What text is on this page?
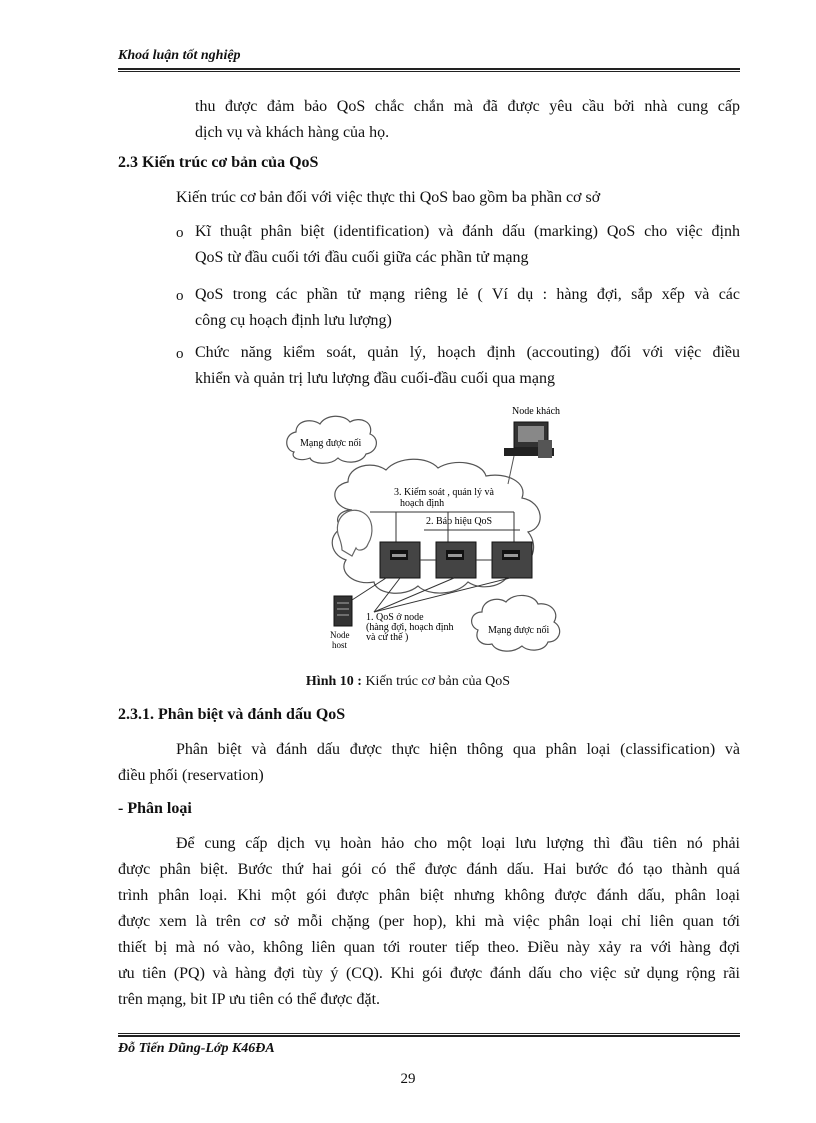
Khoá luận tốt nghiệp
thu được đảm bảo QoS chắc chắn mà đã được yêu cầu bởi nhà cung cấp
dịch vụ và khách hàng của họ.
2.3 Kiến trúc cơ bản của QoS
Kiến trúc cơ bản đối với việc thực thi QoS bao gồm ba phần cơ sở
o Kĩ thuật phân biệt (identification) và đánh dấu (marking) QoS cho việc định
QoS từ đầu cuối tới đầu cuối giữa các phần tử mạng
o QoS trong các phần tử mạng riêng lẻ ( Ví dụ : hàng đợi, sắp xếp và các
công cụ hoạch định lưu lượng)
o Chức năng kiểm soát, quản lý, hoạch định (accouting) đối với việc điều
khiển và quản trị lưu lượng đầu cuối-đầu cuối qua mạng
Mạng được nối
Mạng được nối
Node khách
3. Kiểm soát , quản lý và
hoạch định
2. Báo hiệu QoS
Node
host
1. QoS ở node
(hàng đợi, hoạch định
và cứ thế )
Hình 10 : Kiến trúc cơ bản của QoS
2.3.1. Phân biệt và đánh dấu QoS
Phân biệt và đánh dấu được thực hiện thông qua phân loại (classification) và
điều phối (reservation)
- Phân loại
Để cung cấp dịch vụ hoàn hảo cho một loại lưu lượng thì đầu tiên nó phải
được phân biệt. Bước thứ hai gói có thể được đánh dấu. Hai bước đó tạo thành quá
trình phân loại. Khi một gói được phân biệt nhưng không được đánh dấu, phân loại
được xem là trên cơ sở mỗi chặng (per hop), khi mà việc phân loại chỉ liên quan tới
thiết bị mà nó vào, không liên quan tới router tiếp theo. Điều này xảy ra với hàng đợi
ưu tiên (PQ) và hàng đợi tùy ý (CQ). Khi gói được đánh dấu cho việc sử dụng rộng rãi
trên mạng, bit IP ưu tiên có thể được đặt.
Đỗ Tiến Dũng-Lớp K46ĐA
29
